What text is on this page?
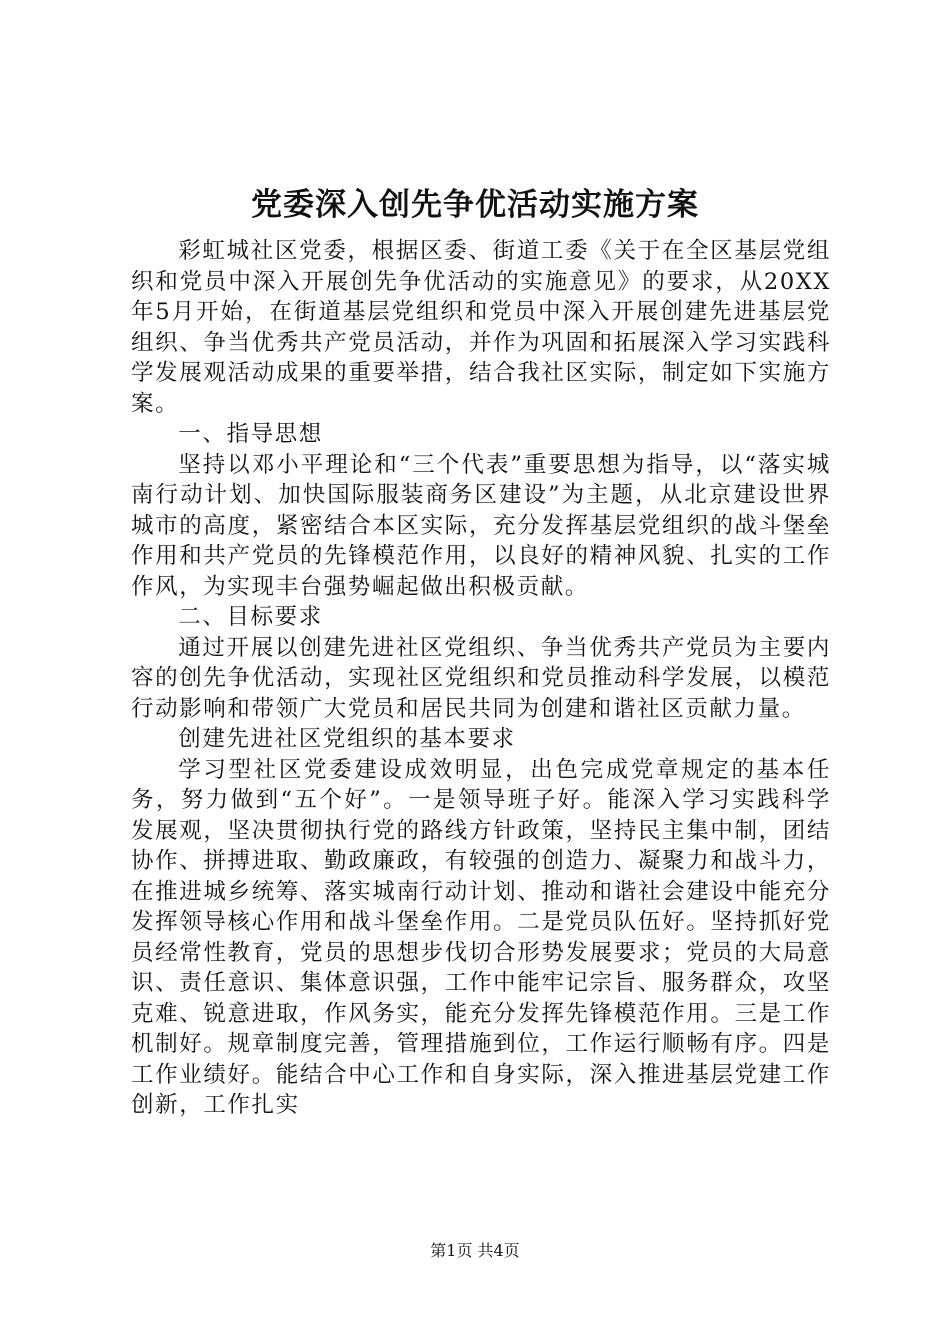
党委深入创先争优活动实施方案

彩虹城社区党委，根据区委、街道工委《关于在全区基层党组织和党员中深入开展创先争优活动的实施意见》的要求，从20XX年5月开始，在街道基层党组织和党员中深入开展创建先进基层党组织、争当优秀共产党员活动，并作为巩固和拓展深入学习实践科学发展观活动成果的重要举措，结合我社区实际，制定如下实施方案。

一、指导思想

坚持以邓小平理论和“三个代表”重要思想为指导，以“落实城南行动计划、加快国际服装商务区建设”为主题，从北京建设世界城市的高度，紧密结合本区实际，充分发挥基层党组织的战斗堡垒作用和共产党员的先锋模范作用，以良好的精神风貌、扎实的工作作风，为实现丰台强势崛起做出积极贡献。

二、目标要求

通过开展以创建先进社区党组织、争当优秀共产党员为主要内容的创先争优活动，实现社区党组织和党员推动科学发展，以模范行动影响和带领广大党员和居民共同为创建和谐社区贡献力量。

创建先进社区党组织的基本要求

学习型社区党委建设成效明显，出色完成党章规定的基本任务，努力做到“五个好”。一是领导班子好。能深入学习实践科学发展观，坚决贯彻执行党的路线方针政策，坚持民主集中制，团结协作、拼搏进取、勤政廉政，有较强的创造力、凝聚力和战斗力，在推进城乡统筹、落实城南行动计划、推动和谐社会建设中能充分发挥领导核心作用和战斗堡垒作用。二是党员队伍好。坚持抓好党员经常性教育，党员的思想步伐切合形势发展要求；党员的大局意识、责任意识、集体意识强，工作中能牢记宗旨、服务群众，攻坚克难、锐意进取，作风务实，能充分发挥先锋模范作用。三是工作机制好。规章制度完善，管理措施到位，工作运行顺畅有序。四是工作业绩好。能结合中心工作和自身实际，深入推进基层党建工作创新，工作扎实

第1页 共4页
